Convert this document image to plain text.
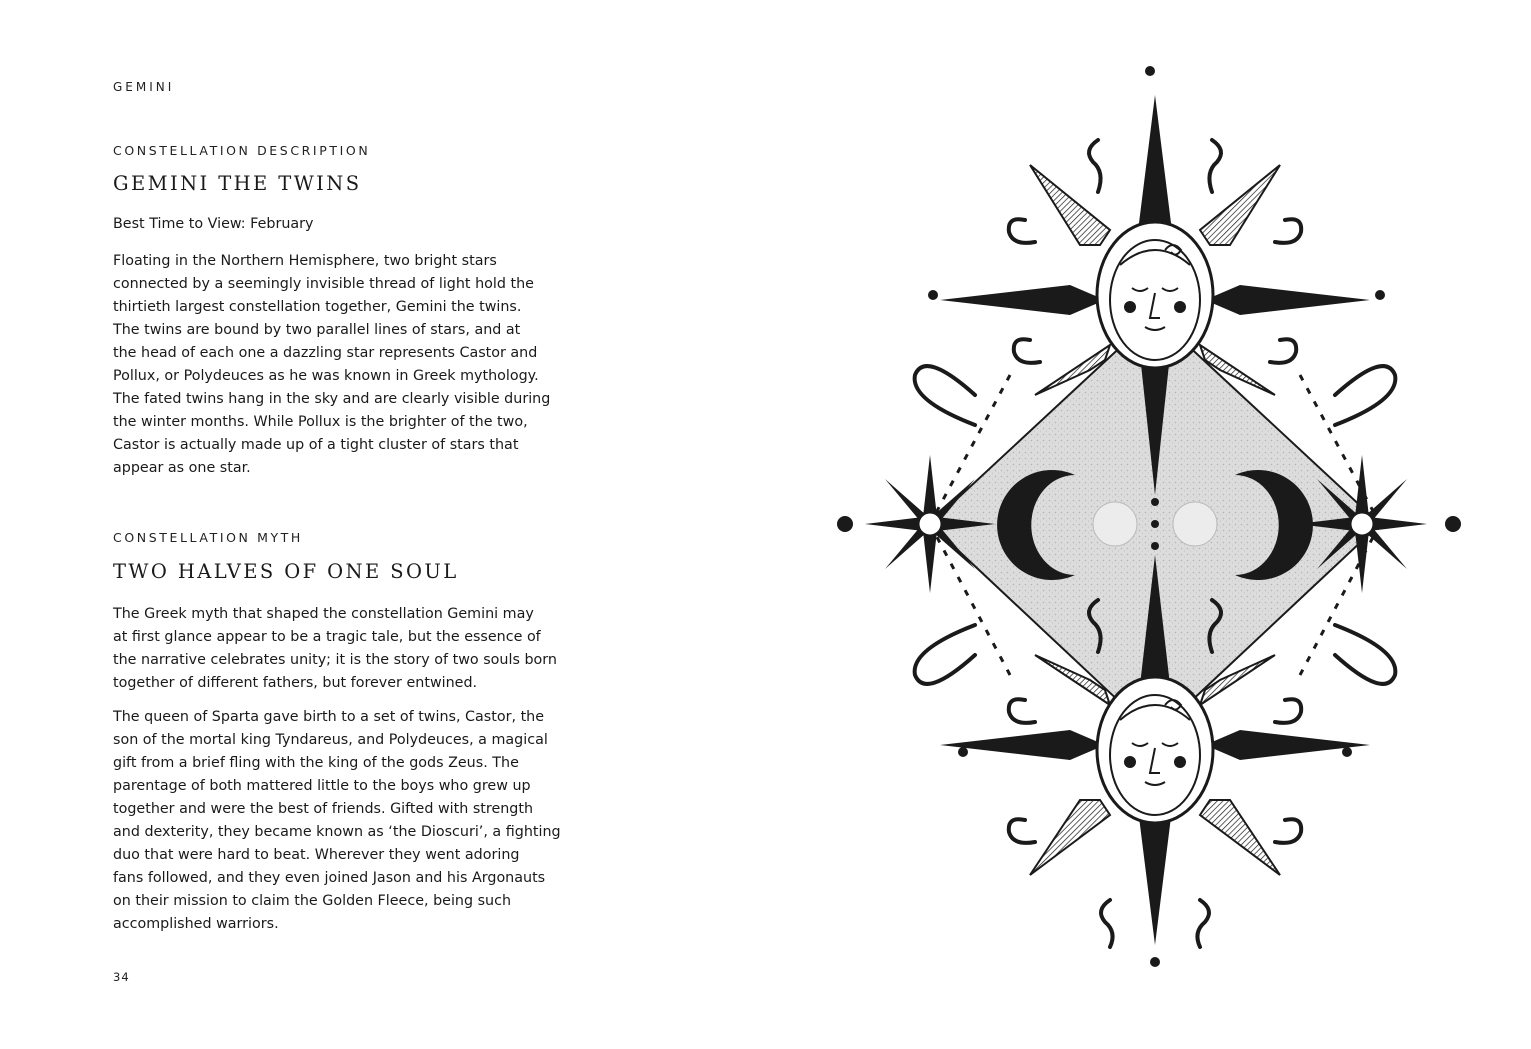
GEMINI
CONSTELLATION DESCRIPTION
GEMINI THE TWINS
Best Time to View: February

Floating in the Northern Hemisphere, two bright stars
connected by a seemingly invisible thread of light hold the
thirtieth largest constellation together, Gemini the twins.
The twins are bound by two parallel lines of stars, and at
the head of each one a dazzling star represents Castor and
Pollux, or Polydeuces as he was known in Greek mythology.
The fated twins hang in the sky and are clearly visible during
the winter months. While Pollux is the brighter of the two,
Castor is actually made up of a tight cluster of stars that
appear as one star.

CONSTELLATION MYTH
TWO HALVES OF ONE SOUL

The Greek myth that shaped the constellation Gemini may
at first glance appear to be a tragic tale, but the essence of
the narrative celebrates unity; it is the story of two souls born
together of different fathers, but forever entwined.

The queen of Sparta gave birth to a set of twins, Castor, the
son of the mortal king Tyndareus, and Polydeuces, a magical
gift from a brief fling with the king of the gods Zeus. The
parentage of both mattered little to the boys who grew up
together and were the best of friends. Gifted with strength
and dexterity, they became known as ‘the Dioscuri’, a fighting
duo that were hard to beat. Wherever they went adoring
fans followed, and they even joined Jason and his Argonauts
on their mission to claim the Golden Fleece, being such
accomplished warriors.

34
